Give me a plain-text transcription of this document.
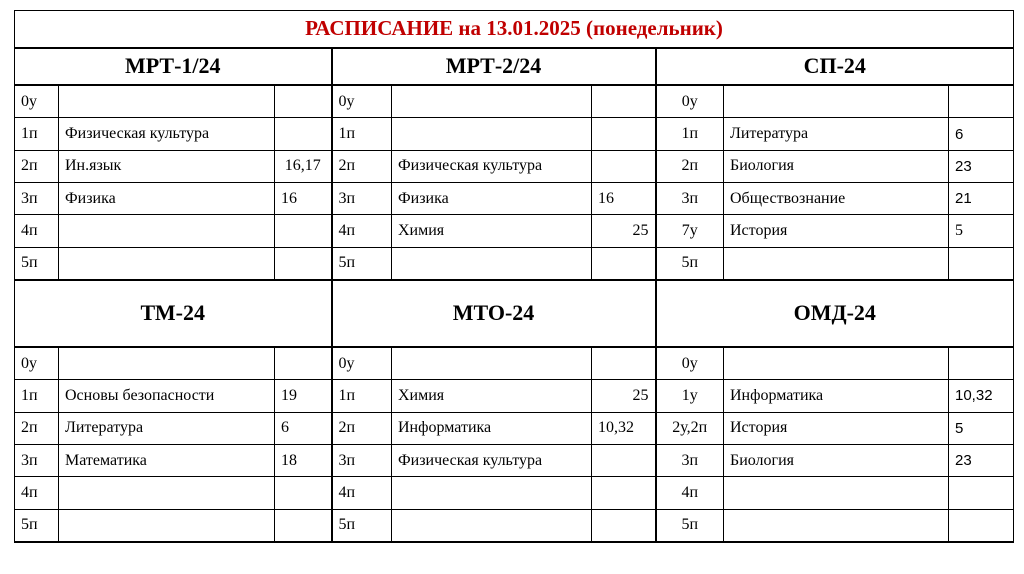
РАСПИСАНИЕ на 13.01.2025 (понедельник)								
МРТ-1/24			МРТ-2/24			СП-24		
0у			0у			0у		
1п	Физическая культура		1п			1п	Литература	6
2п	Ин.язык	16,17	2п	Физическая культура		2п	Биология	23
3п	Физика	16	3п	Физика	16	3п	Обществознание	21
4п			4п	Химия	25	7у	История	5
5п			5п			5п		
ТМ-24			МТО-24			ОМД-24		
0у			0у			0у		
1п	Основы безопасности	19	1п	Химия	25	1у	Информатика	10,32
2п	Литература	6	2п	Информатика	10,32	2у,2п	История	5
3п	Математика	18	3п	Физическая культура		3п	Биология	23
4п			4п			4п		
5п			5п			5п		
